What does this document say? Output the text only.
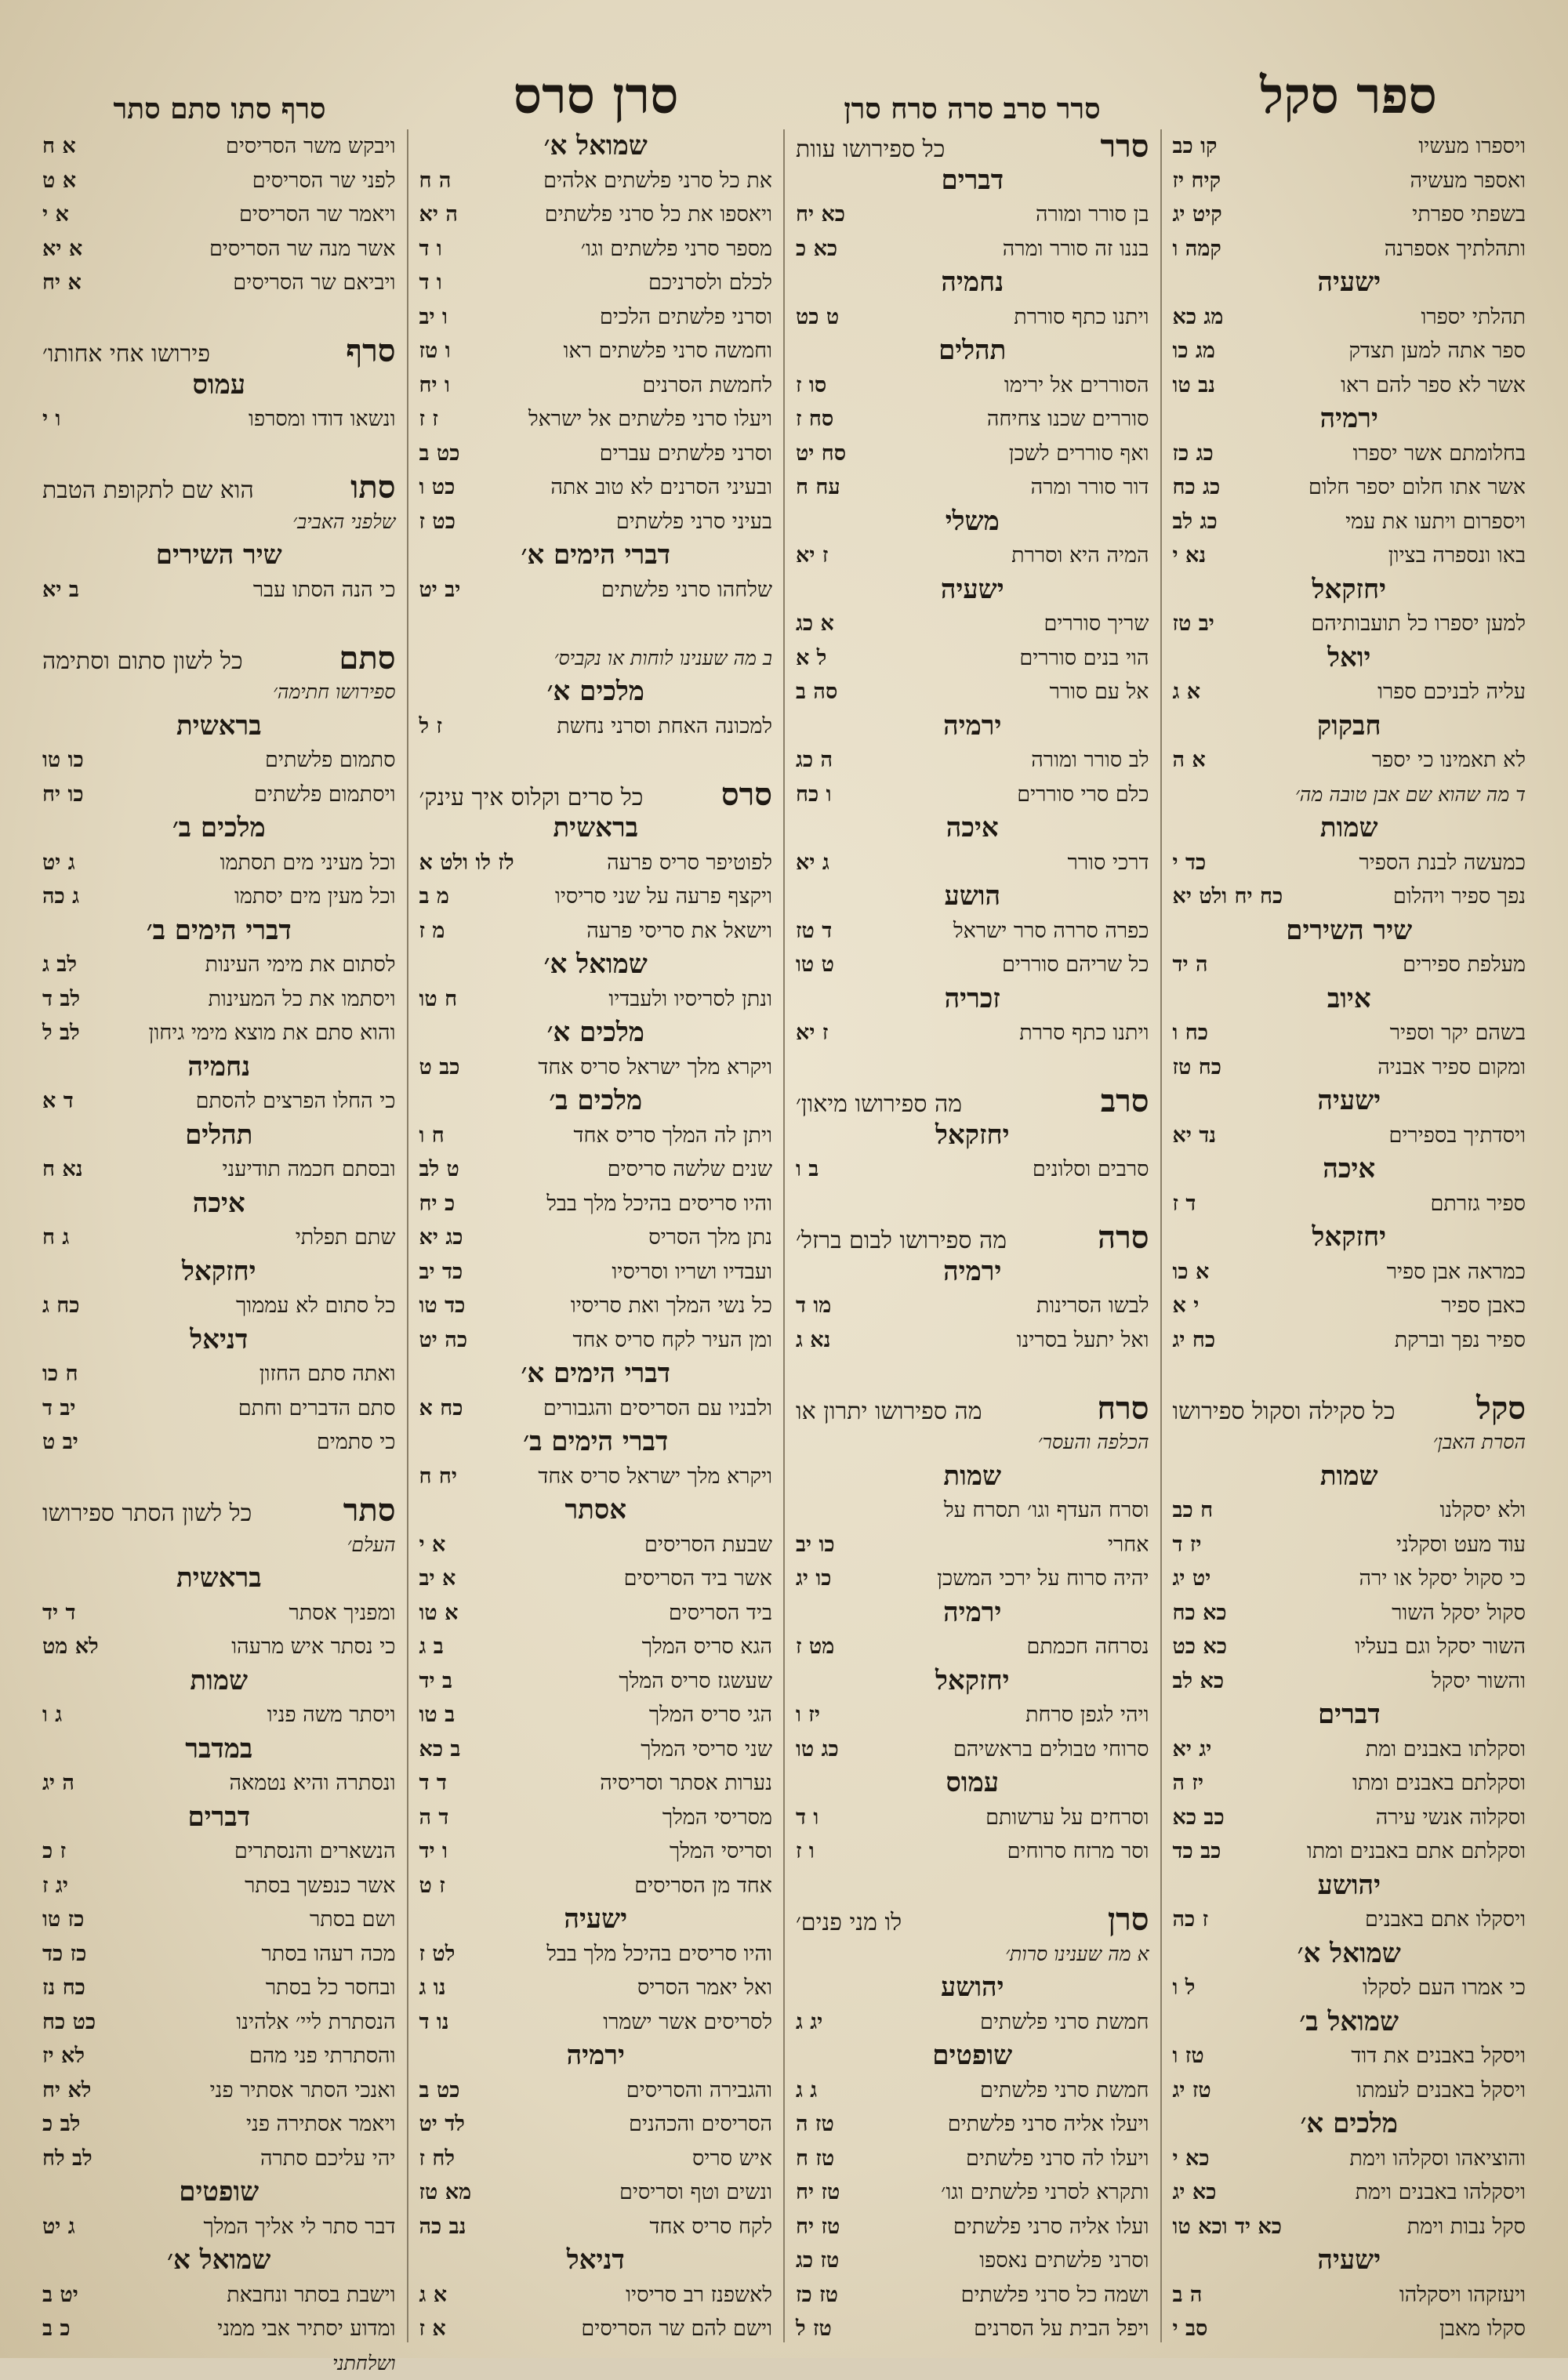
ספר סקל
סרר סרב סרה סרח סרן
סרן סרס
סרף סתו סתם סתר
ויספרו מעשיו
קו כב
ואספר מעשיה
קיח יז
בשפתי ספרתי
קיט יג
ותהלתיך אספרנה
קמה ו
ישעיה
תהלתי יספרו
מג כא
ספר אתה למען תצדק
מג כו
אשר לא ספר להם ראו
נב טו
ירמיה
בחלומתם אשר יספרו
כג כז
אשר אתו חלום יספר חלום
כג כח
ויספרום ויתעו את עמי
כג לב
באו ונספרה בציון
נא י
יחזקאל
למען יספרו כל תועבותיהם
יב טז
יואל
עליה לבניכם ספרו
א ג
חבקוק
לא תאמינו כי יספר
א ה
ד מה שהוא שם אבן טובה מה׳
שמות
כמעשה לבנת הספיר
כד י
נפך ספיר ויהלום
כח יח ולט יא
שיר השירים
מעלפת ספירים
ה יד
איוב
בשהם יקר וספיר
כח ו
ומקום ספיר אבניה
כח טז
ישעיה
ויסדתיך בספירים
נד יא
איכה
ספיר גזרתם
ד ז
יחזקאל
כמראה אבן ספיר
א כו
כאבן ספיר
י א
ספיר נפך וברקת
כח יג
סקל
כל סקילה וסקול ספירושו
הסרת האבן׳
שמות
ולא יסקלנו
ח כב
עוד מעט וסקלני
יז ד
כי סקול יסקל או ירה
יט יג
סקול יסקל השור
כא כח
השור יסקל וגם בעליו
כא כט
והשור יסקל
כא לב
דברים
וסקלתו באבנים ומת
יג יא
וסקלתם באבנים ומתו
יז ה
וסקלוה אנשי עירה
כב כא
וסקלתם אתם באבנים ומתו
כב כד
יהושע
ויסקלו אתם באבנים
ז כה
שמואל א׳
כי אמרו העם לסקלו
ל ו
שמואל ב׳
ויסקל באבנים את דוד
טז ו
ויסקל באבנים לעמתו
טז יג
מלכים א׳
והוציאהו וסקלהו וימת
כא י
ויסקלהו באבנים וימת
כא יג
סקל נבות וימת
כא יד וכא טו
ישעיה
ויעזקהו ויסקלהו
ה ב
סקלו מאבן
סב י
סרר
כל ספירושו עוות
דברים
בן סורר ומורה
כא יח
בננו זה סורר ומרה
כא כ
נחמיה
ויתנו כתף סוררת
ט כט
תהלים
הסוררים אל ירימו
סו ז
סוררים שכנו צחיחה
סח ז
ואף סוררים לשכן
סח יט
דור סורר ומרה
עח ח
משלי
המיה היא וסררת
ז יא
ישעיה
שריך סוררים
א כג
הוי בנים סוררים
ל א
אל עם סורר
סה ב
ירמיה
לב סורר ומורה
ה כג
כלם סרי סוררים
ו כח
איכה
דרכי סורר
ג יא
הושע
כפרה סררה סרר ישראל
ד טז
כל שריהם סוררים
ט טו
זכריה
ויתנו כתף סררת
ז יא
סרב
מה ספירושו מיאון׳
יחזקאל
סרבים וסלונים
ב ו
סרה
מה ספירושו לבום ברזל׳
ירמיה
לבשו הסרינות
מו ד
ואל יתעל בסרינו
נא ג
סרח
מה ספירושו יתרון או
הכלפה והעסר׳
שמות
וסרח העדף וגו׳ תסרח על
אחרי
כו יב
יהיה סרוח על ירכי המשכן
כו יג
ירמיה
נסרחה חכמתם
מט ז
יחזקאל
ויהי לגפן סרחת
יז ו
סרוחי טבולים בראשיהם
כג טו
עמוס
וסרחים על ערשותם
ו ד
וסר מרזח סרוחים
ו ז
סרן
לו מני פנים׳
א מה שענינו סרות׳
יהושע
חמשת סרני פלשתים
יג ג
שופטים
חמשת סרני פלשתים
ג ג
ויעלו אליה סרני פלשתים
טז ה
ויעלו לה סרני פלשתים
טז ח
ותקרא לסרני פלשתים וגו׳
טז יח
ועלו אליה סרני פלשתים
טז יח
וסרני פלשתים נאספו
טז כג
ושמה כל סרני פלשתים
טז כז
ויפל הבית על הסרנים
טז ל
שמואל א׳
את כל סרני פלשתים אלהים
ה ח
ויאספו את כל סרני פלשתים
ה יא
מספר סרני פלשתים וגו׳
ו ד
לכלם ולסרניכם
ו ד
וסרני פלשתים הלכים
ו יב
וחמשה סרני פלשתים ראו
ו טז
לחמשת הסרנים
ו יח
ויעלו סרני פלשתים אל ישראל
ז ז
וסרני פלשתים עברים
כט ב
ובעיני הסרנים לא טוב אתה
כט ו
בעיני סרני פלשתים
כט ז
דברי הימים א׳
שלחהו סרני פלשתים
יב יט
ב מה שענינו לוחות או נקביס׳
מלכים א׳
למכונה האחת וסרני נחשת
ז ל
סרס
כל סרים וקלוס איך עינק׳
בראשית
לפוטיפר סריס פרעה
לז לו ולט א
ויקצף פרעה על שני סריסיו
מ ב
וישאל את סריסי פרעה
מ ז
שמואל א׳
ונתן לסריסיו ולעבדיו
ח טו
מלכים א׳
ויקרא מלך ישראל סריס אחד
כב ט
מלכים ב׳
ויתן לה המלך סריס אחד
ח ו
שנים שלשה סריסים
ט לב
והיו סריסים בהיכל מלך בבל
כ יח
נתן מלך הסריס
כג יא
ועבדיו ושריו וסריסיו
כד יב
כל נשי המלך ואת סריסיו
כד טו
ומן העיר לקח סריס אחד
כה יט
דברי הימים א׳
ולבניו עם הסריסים והגבורים
כח א
דברי הימים ב׳
ויקרא מלך ישראל סריס אחד
יח ח
אסתר
שבעת הסריסים
א י
אשר ביד הסריסים
א יב
ביד הסריסים
א טו
הגא סריס המלך
ב ג
שעשגז סריס המלך
ב יד
הגי סריס המלך
ב טו
שני סריסי המלך
ב כא
נערות אסתר וסריסיה
ד ד
מסריסי המלך
ד ה
וסריסי המלך
ו יד
אחד מן הסריסים
ז ט
ישעיה
והיו סריסים בהיכל מלך בבל
לט ז
ואל יאמר הסריס
נו ג
לסריסים אשר ישמרו
נו ד
ירמיה
והגבירה והסריסים
כט ב
הסריסים והכהנים
לד יט
איש סריס
לח ז
ונשים וטף וסריסים
מא טז
לקח סריס אחד
נב כה
דניאל
לאשפנז רב סריסיו
א ג
וישם להם שר הסריסים
א ז
ויבקש משר הסריסים
א ח
לפני שר הסריסים
א ט
ויאמר שר הסריסים
א י
אשר מנה שר הסריסים
א יא
ויביאם שר הסריסים
א יח
סרף
פירושו אחי אחותו׳
עמוס
ונשאו דודו ומסרפו
ו י
סתו
הוא שם לתקופת הטבת
שלפני האביב׳
שיר השירים
כי הנה הסתו עבר
ב יא
סתם
כל לשון סתום וסתימה
ספירושו חתימה׳
בראשית
סתמום פלשתים
כו טו
ויסתמום פלשתים
כו יח
מלכים ב׳
וכל מעיני מים תסתמו
ג יט
וכל מעין מים יסתמו
ג כה
דברי הימים ב׳
לסתום את מימי העינות
לב ג
ויסתמו את כל המעינות
לב ד
והוא סתם את מוצא מימי גיחון
לב ל
נחמיה
כי החלו הפרצים להסתם
ד א
תהלים
ובסתם חכמה תודיעני
נא ח
איכה
שתם תפלתי
ג ח
יחזקאל
כל סתום לא עממוך
כח ג
דניאל
ואתה סתם החזון
ח כו
סתם הדברים וחתם
יב ד
כי סתמים
יב ט
סתר
כל לשון הסתר ספירושו
העלם׳
בראשית
ומפניך אסתר
ד יד
כי נסתר איש מרעהו
לא מט
שמות
ויסתר משה פניו
ג ו
במדבר
ונסתרה והיא נטמאה
ה יג
דברים
הנשארים והנסתרים
ז כ
אשר כנפשך בסתר
יג ז
ושם בסתר
כז טו
מכה רעהו בסתר
כז כד
ובחסר כל בסתר
כח נז
הנסתרת ליי׳ אלהינו
כט כח
והסתרתי פני מהם
לא יז
ואנכי הסתר אסתיר פני
לא יח
ויאמר אסתירה פני
לב כ
יהי עליכם סתרה
לב לח
שופטים
דבר סתר לי אליך המלך
ג יט
שמואל א׳
וישבת בסתר ונחבאת
יט ב
ומדוע יסתיר אבי ממני
כ ב
ושלחתני
